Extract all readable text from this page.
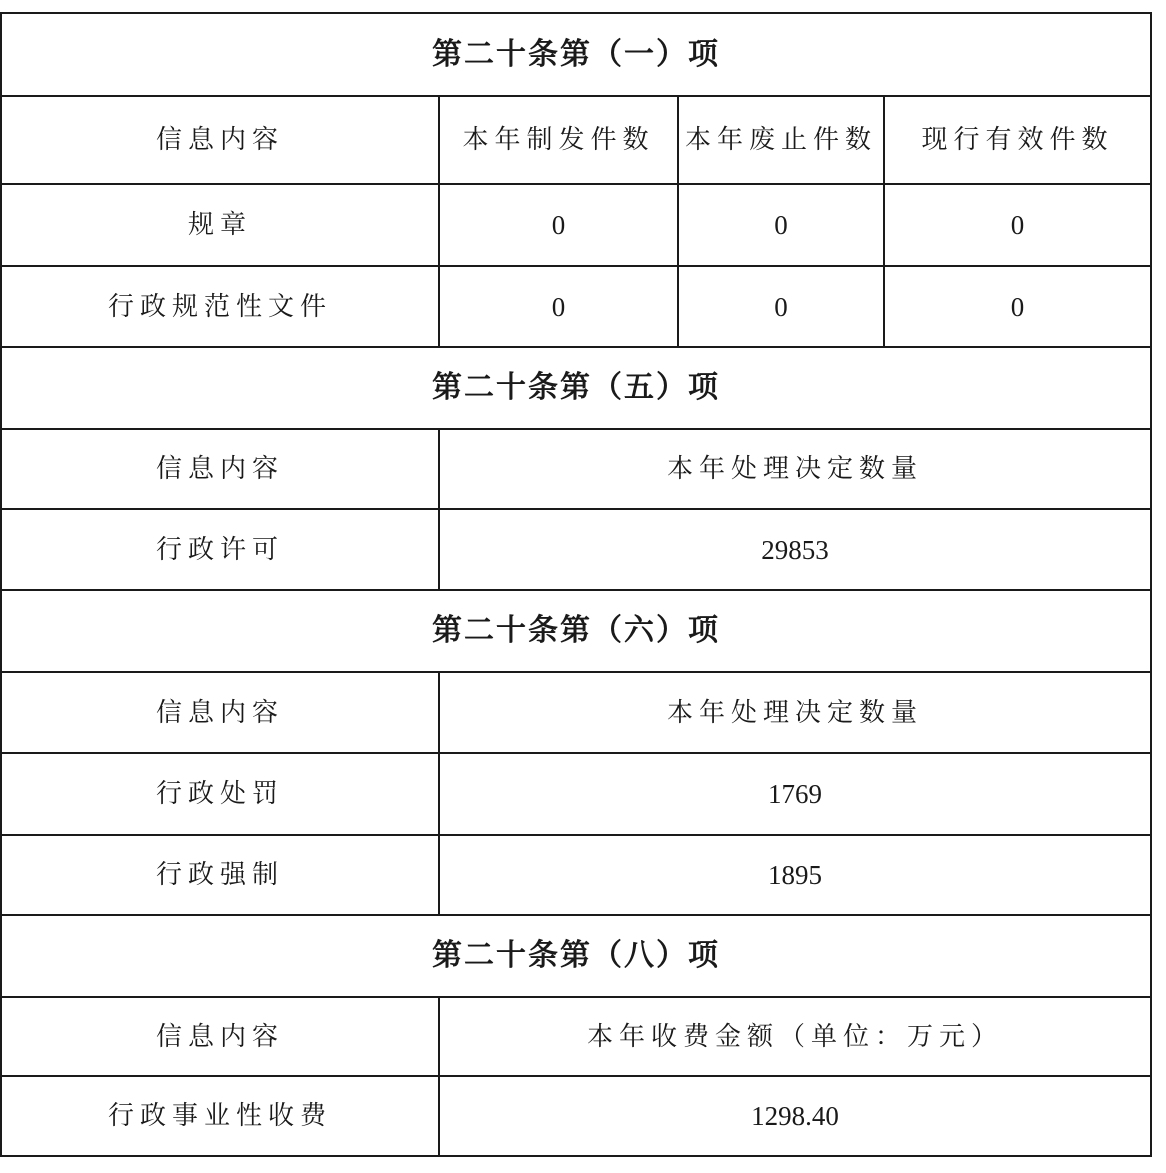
第二十条第（一）项			
信息内容	本年制发件数	本年废止件数	现行有效件数
规章	0	0	0
行政规范性文件	0	0	0
第二十条第（五）项			
信息内容	本年处理决定数量		
行政许可	29853		
第二十条第（六）项			
信息内容	本年处理决定数量		
行政处罚	1769		
行政强制	1895		
第二十条第（八）项			
信息内容	本年收费金额（单位：万元）		
行政事业性收费	1298.40		
